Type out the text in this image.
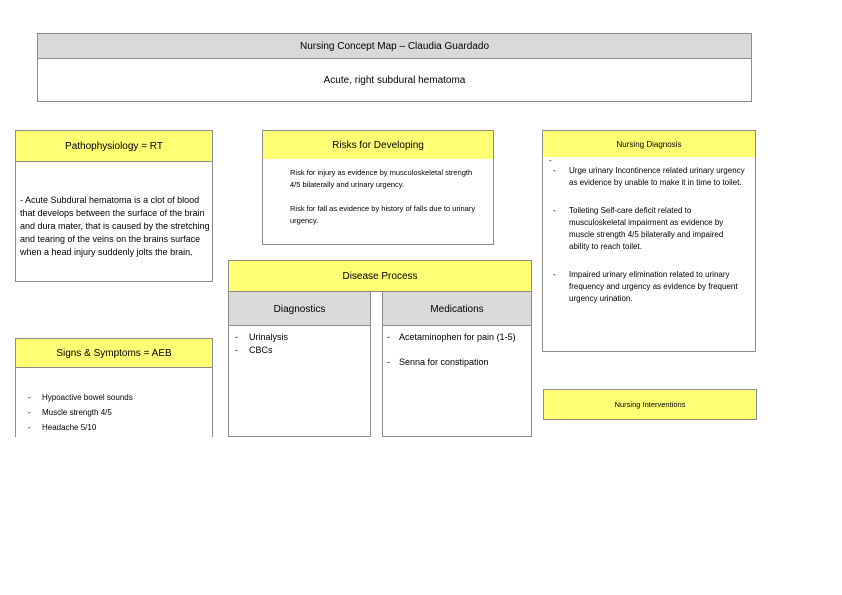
Nursing Concept Map – Claudia Guardado
Acute, right subdural hematoma
Pathophysiology = RT

- Acute Subdural hematoma is a clot of blood that develops between the surface of the brain and dura mater, that is caused by the stretching and tearing of the veins on the brains surface when a head injury suddenly jolts the brain.

Signs & Symptoms = AEB
- Hypoactive bowel sounds
- Muscle strength 4/5
- Headache 5/10
Risks for Developing

Risk for injury as evidence by musculoskeletal strength 4/5 bilaterally and urinary urgency.

Risk for fall as evidence by history of falls due to urinary urgency.

Disease Process
Diagnostics
- Urinalysis
- CBCs
Medications
- Acetaminophen for pain (1-5)
- Senna for constipation
Nursing Diagnosis
-
- Urge urinary Incontinence related urinary urgency as evidence by unable to make it in time to toilet.
- Toileting Self-care deficit related to musculoskeletal impairment as evidence by muscle strength 4/5 bilaterally and impaired ability to reach toilet.
- Impaired urinary elimination related to urinary frequency and urgency as evidence by frequent urgency urination.
Nursing Interventions
